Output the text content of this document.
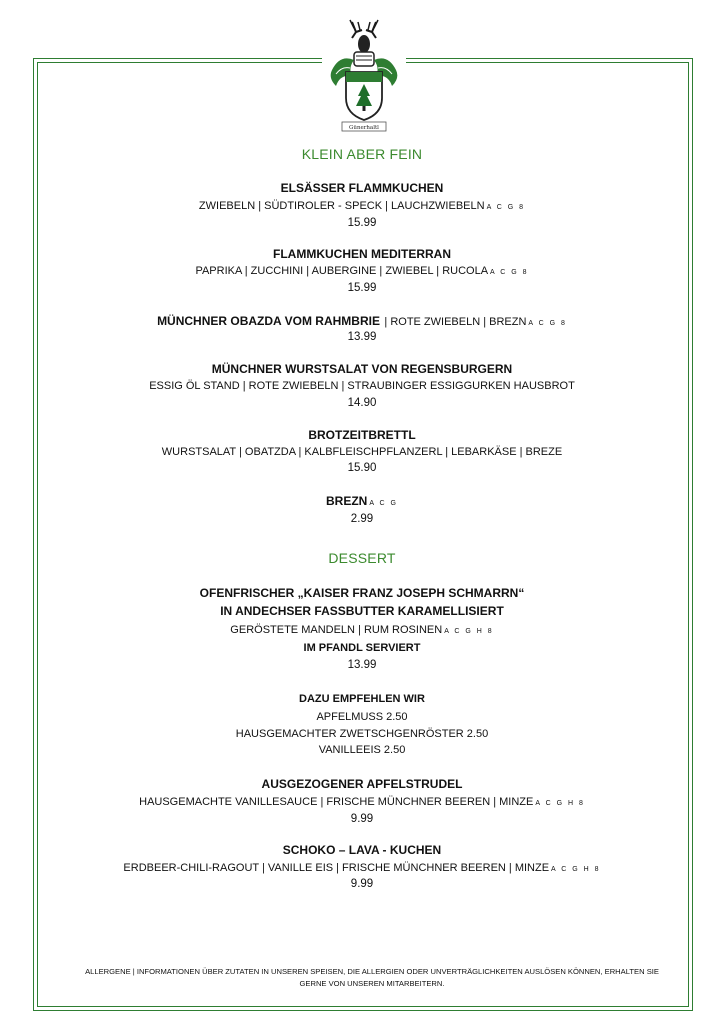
Günerhaltl
KLEIN ABER FEIN
ELSÄSSER FLAMMKUCHEN
ZWIEBELN | SÜDTIROLER - SPECK | LAUCHZWIEBELN A C G 8
15.99
FLAMMKUCHEN MEDITERRAN
PAPRIKA | ZUCCHINI | AUBERGINE | ZWIEBEL | RUCOLA A C G 8
15.99
MÜNCHNER OBAZDA VOM RAHMBRIE | ROTE ZWIEBELN | BREZN A C G 8
13.99
MÜNCHNER WURSTSALAT VON REGENSBURGERN
ESSIG ÖL STAND | ROTE ZWIEBELN | STRAUBINGER ESSIGGURKEN HAUSBROT
14.90
BROTZEITBRETTL
WURSTSALAT | OBATZDA | KALBFLEISCHPFLANZERL | LEBARKÄSE | BREZE
15.90
BREZN A C G
2.99
DESSERT
OFENFRISCHER „KAISER FRANZ JOSEPH SCHMARRN“
IN ANDECHSER FASSBUTTER KARAMELLISIERT
GERÖSTETE MANDELN | RUM ROSINEN A C G H 8
IM PFANDL SERVIERT
13.99
DAZU EMPFEHLEN WIR
APFELMUSS 2.50
HAUSGEMACHTER ZWETSCHGENRÖSTER 2.50
VANILLEEIS 2.50
AUSGEZOGENER APFELSTRUDEL
HAUSGEMACHTE VANILLESAUCE | FRISCHE MÜNCHNER BEEREN | MINZE A C G H 8
9.99
SCHOKO – LAVA - KUCHEN
ERDBEER-CHILI-RAGOUT | VANILLE EIS | FRISCHE MÜNCHNER BEEREN | MINZE A C G H 8
9.99
ALLERGENE | INFORMATIONEN ÜBER ZUTATEN IN UNSEREN SPEISEN, DIE ALLERGIEN ODER UNVERTRÄGLICHKEITEN AUSLÖSEN KÖNNEN, ERHALTEN SIE
GERNE VON UNSEREN MITARBEITERN.
